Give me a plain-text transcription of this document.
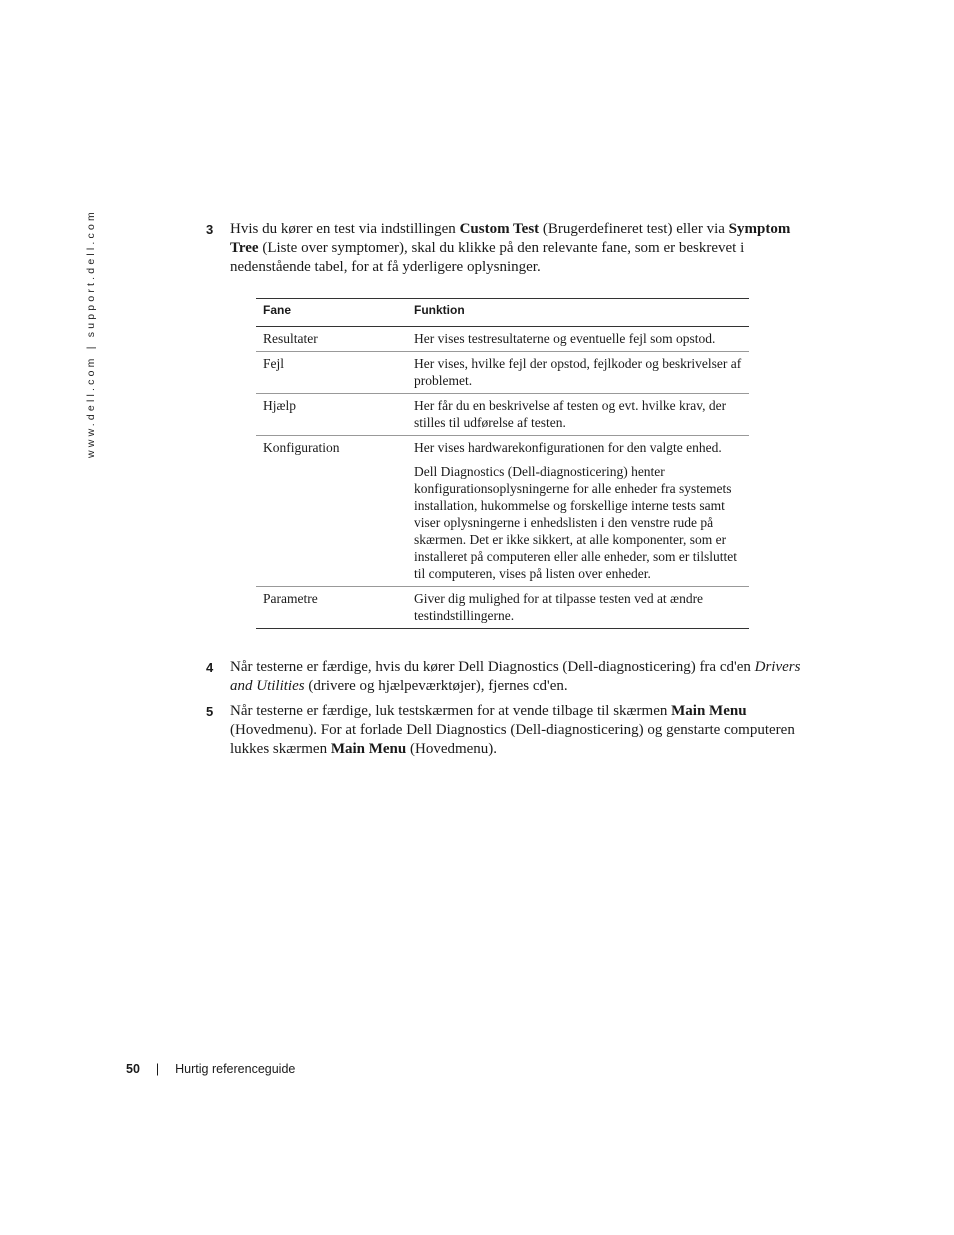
www.dell.com | support.dell.com	3 Hvis du kører en test via indstillingen Custom Test (Brugerdefineret test) eller via Symptom Tree (Liste over symptomer), skal du klikke på den relevante fane, som er beskrevet i nedenstående tabel, for at få yderligere oplysninger.
Fane	Funktion
Resultater	Her vises testresultaterne og eventuelle fejl som opstod.

Fejl	Her vises, hvilke fejl der opstod, fejlkoder og beskrivelser af problemet.

Hjælp	Her får du en beskrivelse af testen og evt. hvilke krav, der stilles til udførelse af testen.

Konfiguration	Her vises hardwarekonfigurationen for den valgte enhed.

Dell Diagnostics (Dell-diagnosticering) henter konfigurationsoplysningerne for alle enheder fra systemets installation, hukommelse og forskellige interne tests samt viser oplysningerne i enhedslisten i den venstre rude på skærmen. Det er ikke sikkert, at alle komponenter, som er installeret på computeren eller alle enheder, som er tilsluttet til computeren, vises på listen over enheder.

Parametre	Giver dig mulighed for at tilpasse testen ved at ændre testindstillingerne.

4 Når testerne er færdige, hvis du kører Dell Diagnostics (Dell-diagnosticering) fra cd'en Drivers and Utilities (drivere og hjælpeværktøjer), fjernes cd'en.
5 Når testerne er færdige, luk testskærmen for at vende tilbage til skærmen Main Menu (Hovedmenu). For at forlade Dell Diagnostics (Dell-diagnosticering) og genstarte computeren lukkes skærmen Main Menu (Hovedmenu).
50 | Hurtig referenceguide
